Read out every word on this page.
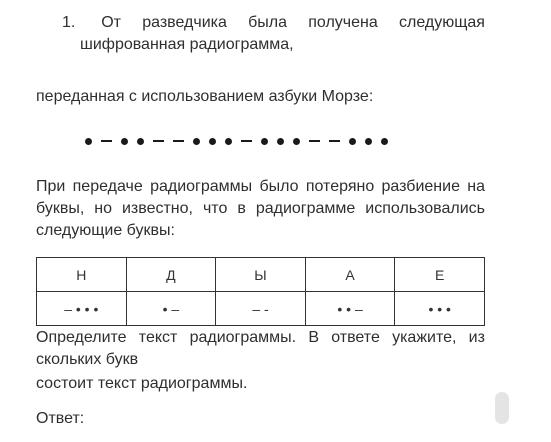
1. От разведчика была получена следующая
шифрованная радиограмма,
переданная с использованием азбуки Морзе:
При передаче радиограммы было потеряно разбиение на
буквы, но известно, что в радиограмме использовались
следующие буквы:
Н	Д	Ы	А	Е
– • • •	• –	– -	• • –	• • •
Определите текст радиограммы. В ответе укажите, из
скольких букв
состоит текст радиограммы.
Ответ:
